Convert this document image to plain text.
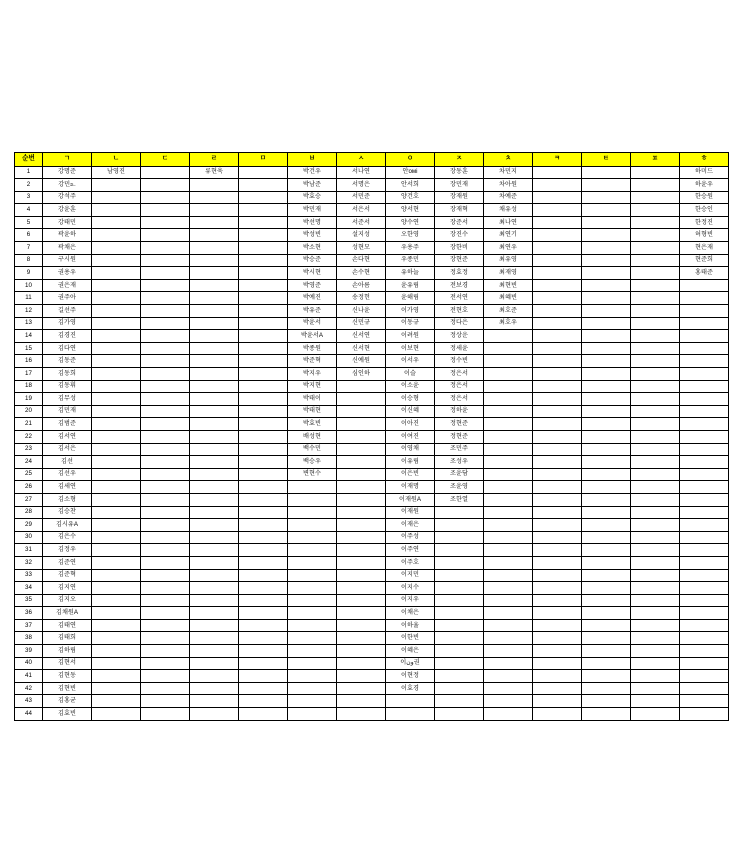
순번	ㄱ	ㄴ	ㄷ	ㄹ	ㅁ	ㅂ	ㅅ	ㅇ	ㅈ	ㅊ	ㅋ	ㅌ	ㅍ	ㅎ
1	강명준	남영진		류현욱		박건우	서나연	안омi	장동훈	차민지				하미드
2	강민உ					박남준	서명은	안서희	장민재	차아원				하윤우
3	강석주					박효승	서민준	양건호	장재원	차예준				한승원
4	강윤훈					박민재	서은서	양서현	장재혁	채유성				한승인
5	강태민					박선명	서준서	양수연	장준서	최나연				한정진
6	곽윤하					박성빈	설지성	오한영	장진수	최연기				허형빈
7	곽채은					박소현	성현모	우용주	장한비	최연우				현은재
8	구시원					박승준	손다현	우종민	장현준	최유영				현준희
9	권용우					박시현	손수현	유하늘	정효정	최재영				홍태준
10	권은재					박영준	손아름	윤유림	전보경	최현빈				
11	권주아					박예진	송정헌	윤해림	전서연	최혜빈				
12	길선주					박유준	신나윤	이가영	전현호	최호준				
13	김가영					박윤서	신민규	이동규	정다은	최호우				
14	김경진					박윤서A	신서연	이려원	정상운					
15	김다연					박종원	신서현	이보현	정세윤					
16	김동준					박준혁	신예원	이서우	정수빈					
17	김동희					박지우	심인하	이슬	정은서					
18	김동휘					박지현		이소윤	정은서					
19	김무성					박태이		이승형	정은서					
20	김민재					박태현		이신혜	정하윤					
21	김범준					박효빈		이아진	정현준					
22	김서연					배성현		이여진	정현준					
23	김서은					백수민		이영채	조민주					
24	김선					백승우		이유림	조성우					
25	김선우					변현수		이은빈	조윤담					
26	김세연							이재명	조윤영					
27	김소형							이재원A	조한열					
28	김승찬							이재원						
29	김시유A							이재은						
30	김은수							이주성						
31	김정우							이주연						
32	김준연							이주호						
33	김준혁							이지민						
34	김지연							이지수						
35	김지오							이지우						
36	김채원A							이채은						
37	김태연							이하율						
38	김태희							이한빈						
39	김하림							이혜은						
40	김현서							이ون권						
41	김현동							이현정						
42	김현빈							이효경						
43	김홍균													
44	김효빈													
